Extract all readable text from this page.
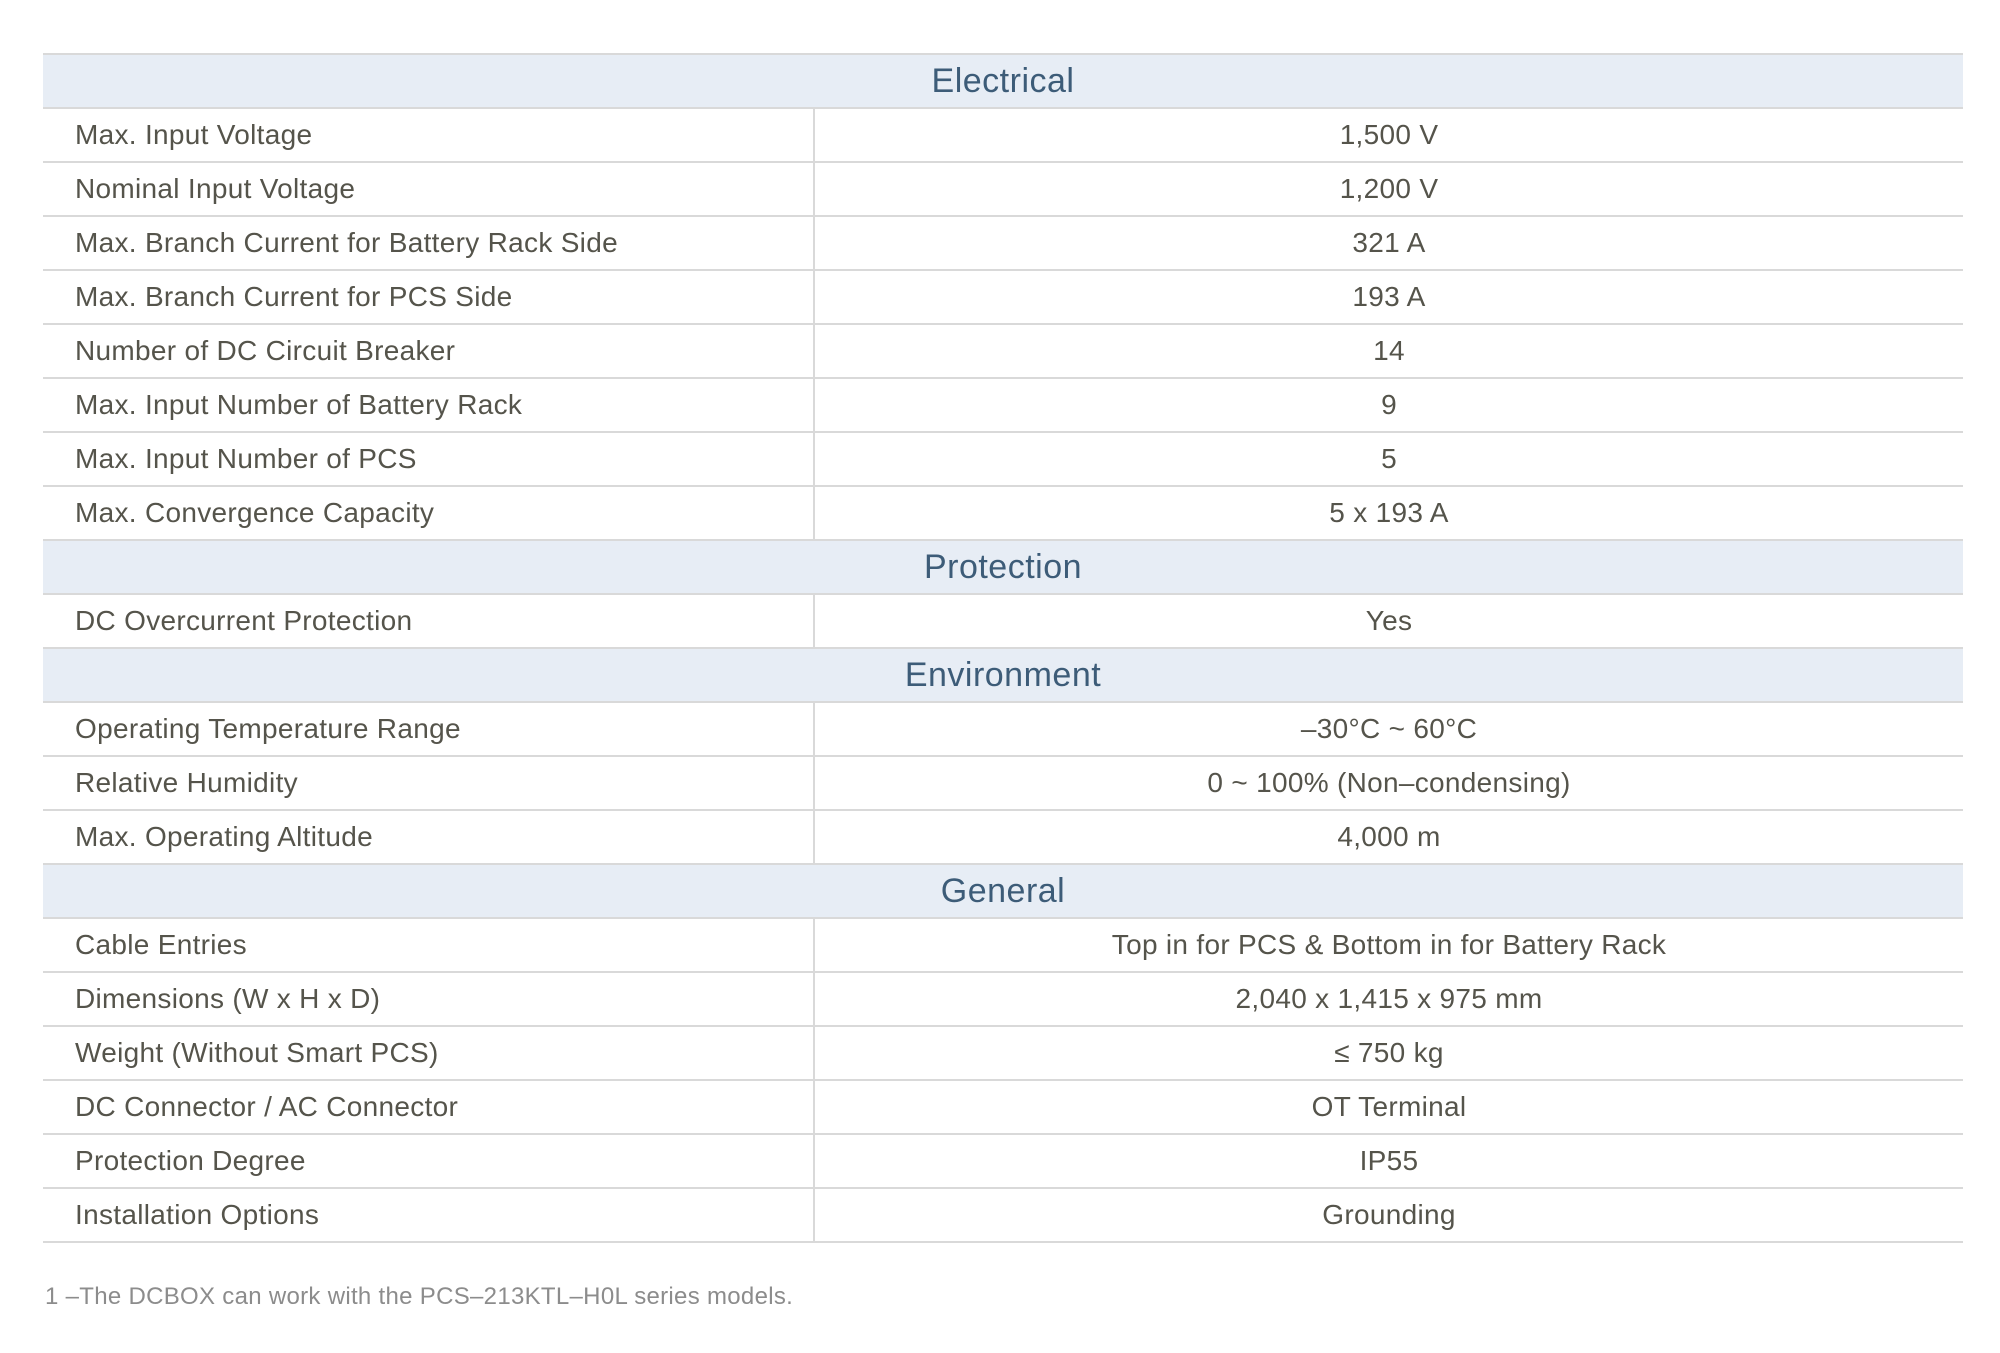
Electrical
Max. Input Voltage	1,500 V
Nominal Input Voltage	1,200 V
Max. Branch Current for Battery Rack Side	321 A
Max. Branch Current for PCS Side	193 A
Number of DC Circuit Breaker	14
Max. Input Number of Battery Rack	9
Max. Input Number of PCS	5
Max. Convergence Capacity	5 x 193 A
Protection
DC Overcurrent Protection	Yes
Environment
Operating Temperature Range	–30°C ~ 60°C
Relative Humidity	0 ~ 100% (Non–condensing)
Max. Operating Altitude	4,000 m
General
Cable Entries	Top in for PCS & Bottom in for Battery Rack
Dimensions (W x H x D)	2,040 x 1,415 x 975 mm
Weight (Without Smart PCS)	≤ 750 kg
DC Connector / AC Connector	OT Terminal
Protection Degree	IP55
Installation Options	Grounding
1 –The DCBOX can work with the PCS–213KTL–H0L series models.
